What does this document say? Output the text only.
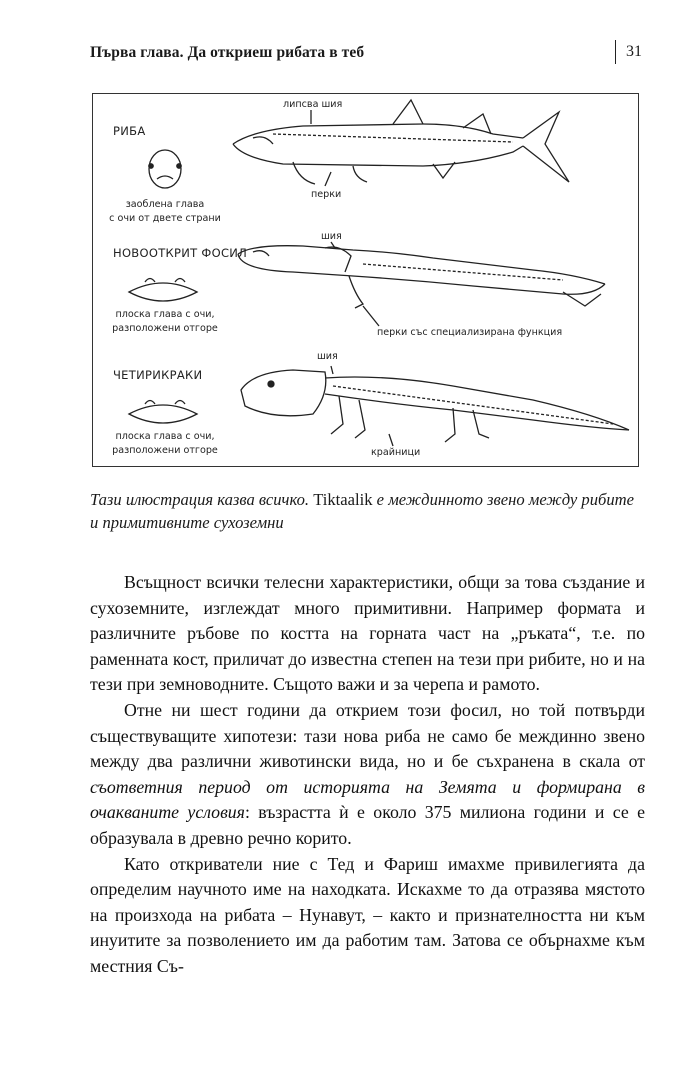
Първа глава. Да откриеш рибата в теб	31
РИБА
заоблена глава
с очи от двете страни
липсва шия
перки
НОВООТКРИТ ФОСИЛ
плоска глава с очи,
разположени отгоре
шия
перки със специализирана функция
ЧЕТИРИКРАКИ
плоска глава с очи,
разположени отгоре
шия
крайници
Тази илюстрация казва всичко. Tiktaalik е междинното звено между рибите и примитивните сухоземни

Всъщност всички телесни характеристики, общи за това създание и сухоземните, изглеждат много примитивни. Например формата и различните ръбове по костта на горната част на „ръката“, т.е. по раменната кост, приличат до известна степен на тези при рибите, но и на тези при земноводните. Същото важи и за черепа и рамото.

Отне ни шест години да открием този фосил, но той потвърди съществуващите хипотези: тази нова риба не само бе междинно звено между два различни животински вида, но и бе съхранена в скала от съответния период от историята на Земята и формирана в очакваните условия: възрастта ѝ е около 375 милиона години и се е образувала в древно речно корито.

Като откриватели ние с Тед и Фариш имахме привилегията да определим научното име на находката. Искахме то да отразява мястото на произхода на рибата – Нунавут, – както и признателността ни към инуитите за позволението им да работим там. Затова се обърнахме към местния Съ-
